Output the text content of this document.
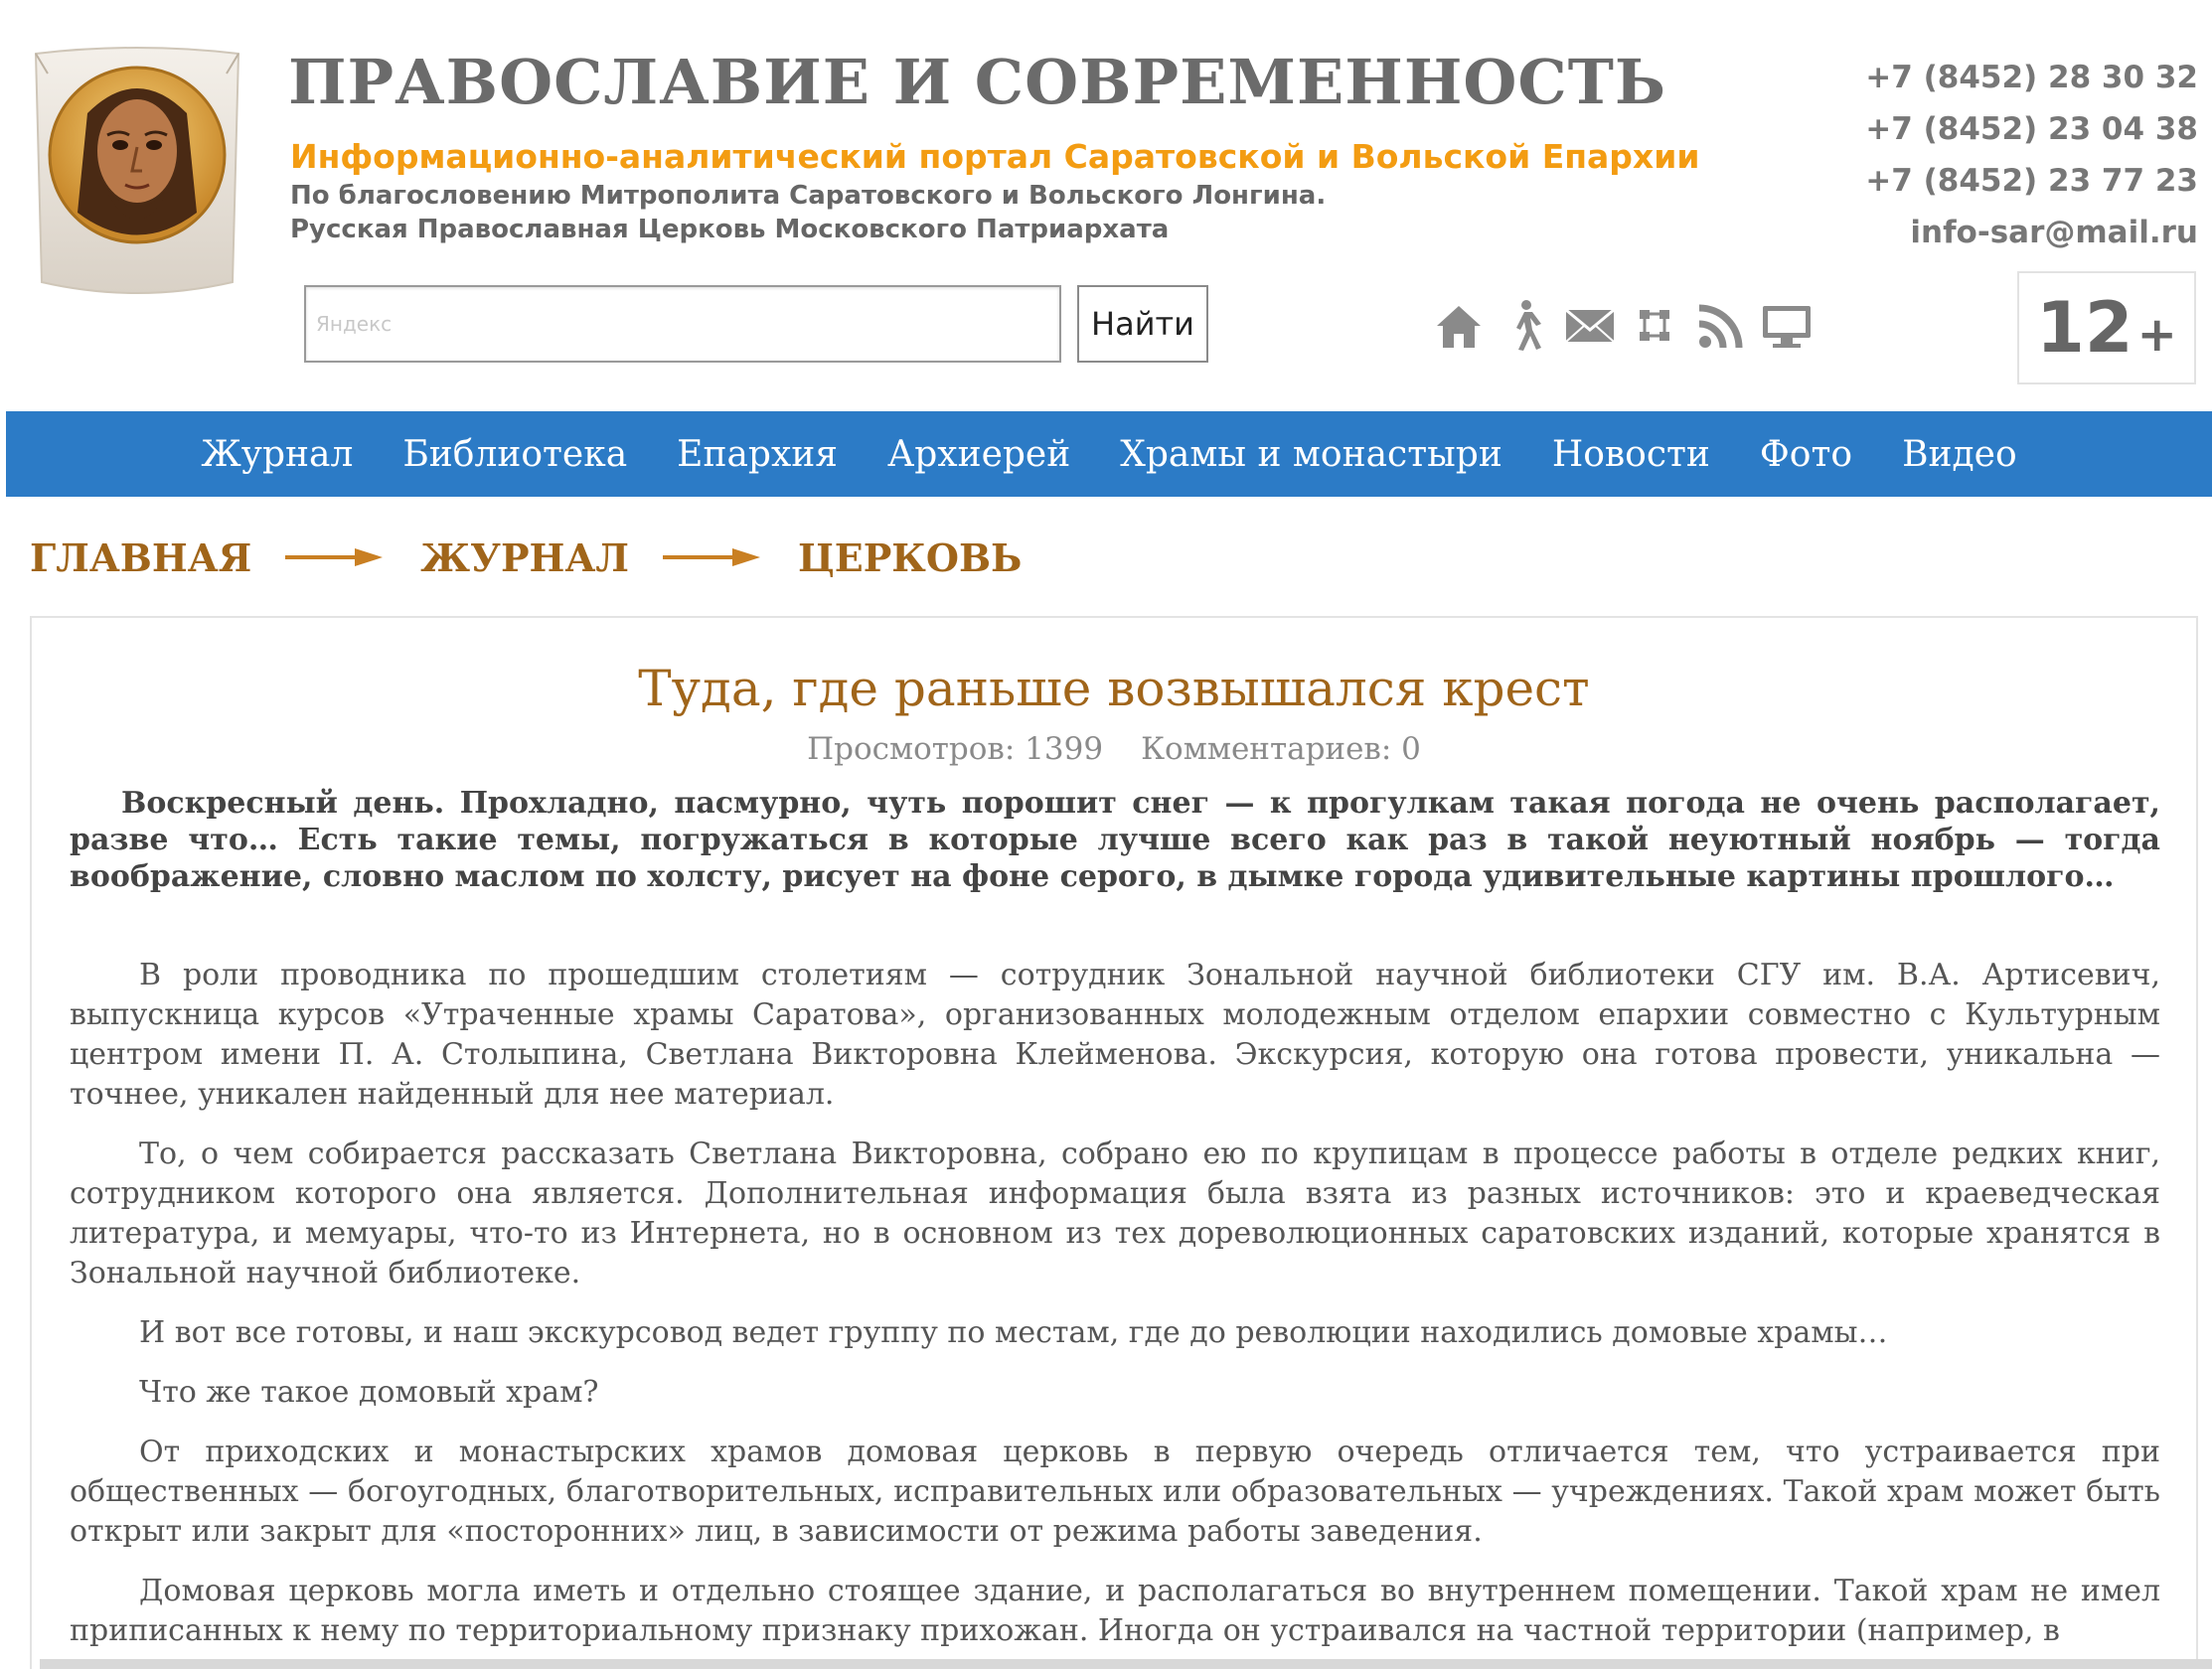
ПРАВОСЛАВИЕ И СОВРЕМЕННОСТЬ
Информационно-аналитический портал Саратовской и Вольской Епархии
По благословению Митрополита Саратовского и Вольского Лонгина.
Русская Православная Церковь Московского Патриархата
+7 (8452) 28 30 32
+7 (8452) 23 04 38
+7 (8452) 23 77 23
info-sar@mail.ru
Яндекс
Найти	12 +
Журнал Библиотека Епархия Архиерей Храмы и монастыри Новости Фото Видео
ГЛАВНАЯ	ЖУРНАЛ	ЦЕРКОВЬ
Туда, где раньше возвышался крест
Просмотров: 1399 Комментариев: 0

Воскресный день. Прохладно, пасмурно, чуть порошит снег — к прогулкам такая погода не очень располагает, разве что… Есть такие темы, погружаться в которые лучше всего как раз в такой неуютный ноябрь — тогда воображение, словно маслом по холсту, рисует на фоне серого, в дымке города удивительные картины прошлого…

В роли проводника по прошедшим столетиям — сотрудник Зональной научной библиотеки СГУ им. В.А. Артисевич, выпускница курсов «Утраченные храмы Саратова», организованных молодежным отделом епархии совместно с Культурным центром имени П. А. Столыпина, Светлана Викторовна Клейменова. Экскурсия, которую она готова провести, уникальна — точнее, уникален найденный для нее материал.

То, о чем собирается рассказать Светлана Викторовна, собрано ею по крупицам в процессе работы в отделе редких книг, сотрудником которого она является. Дополнительная информация была взята из разных источников: это и краеведческая литература, и мемуары, что-то из Интернета, но в основном из тех дореволюционных саратовских изданий, которые хранятся в Зональной научной библиотеке.

И вот все готовы, и наш экскурсовод ведет группу по местам, где до революции находились домовые храмы…

Что же такое домовый храм?

От приходских и монастырских храмов домовая церковь в первую очередь отличается тем, что устраивается при общественных — богоугодных, благотворительных, исправительных или образовательных — учреждениях. Такой храм может быть открыт или закрыт для «посторонних» лиц, в зависимости от режима работы заведения.

Домовая церковь могла иметь и отдельно стоящее здание, и располагаться во внутреннем помещении. Такой храм не имел приписанных к нему по территориальному признаку прихожан. Иногда он устраивался на частной территории (например, в
